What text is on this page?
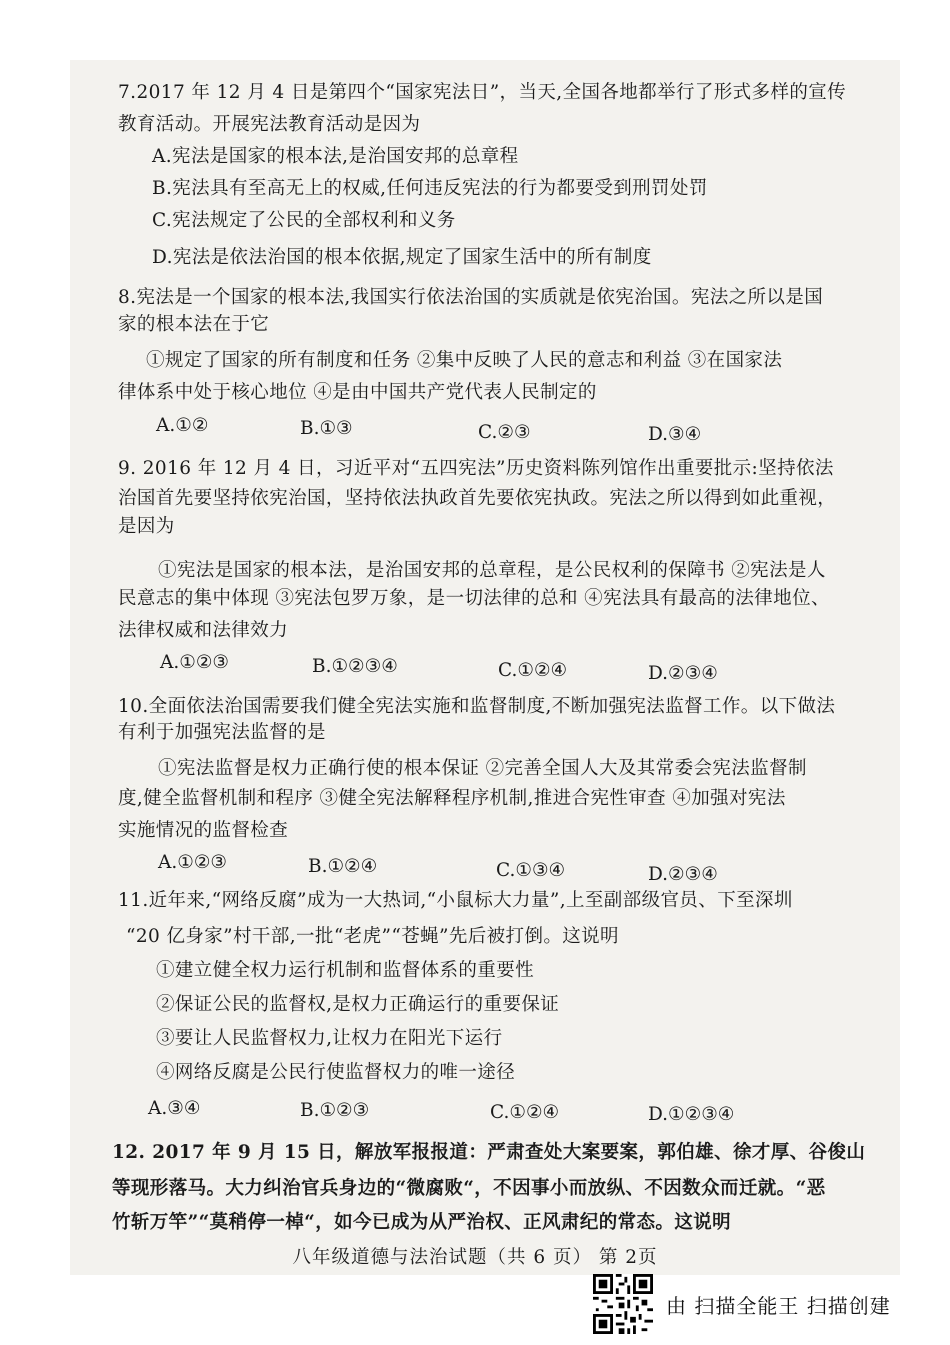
7.2017 年 12 月 4 日是第四个“国家宪法日”，当天,全国各地都举行了形式多样的宣传
教育活动。开展宪法教育活动是因为
A.宪法是国家的根本法,是治国安邦的总章程
B.宪法具有至高无上的权威,任何违反宪法的行为都要受到刑罚处罚
C.宪法规定了公民的全部权利和义务
D.宪法是依法治国的根本依据,规定了国家生活中的所有制度
8.宪法是一个国家的根本法,我国实行依法治国的实质就是依宪治国。宪法之所以是国
家的根本法在于它
①规定了国家的所有制度和任务 ②集中反映了人民的意志和利益 ③在国家法
律体系中处于核心地位 ④是由中国共产党代表人民制定的
A.①②	B.①③	C.②③	D.③④
9. 2016 年 12 月 4 日，习近平对“五四宪法”历史资料陈列馆作出重要批示:坚持依法
治国首先要坚持依宪治国，坚持依法执政首先要依宪执政。宪法之所以得到如此重视，
是因为
①宪法是国家的根本法，是治国安邦的总章程，是公民权利的保障书 ②宪法是人
民意志的集中体现 ③宪法包罗万象，是一切法律的总和 ④宪法具有最高的法律地位、
法律权威和法律效力
A.①②③	B.①②③④	C.①②④	D.②③④
10.全面依法治国需要我们健全宪法实施和监督制度,不断加强宪法监督工作。以下做法
有利于加强宪法监督的是
①宪法监督是权力正确行使的根本保证 ②完善全国人大及其常委会宪法监督制
度,健全监督机制和程序 ③健全宪法解释程序机制,推进合宪性审查 ④加强对宪法
实施情况的监督检查
A.①②③	B.①②④	C.①③④	D.②③④
11.近年来,“网络反腐”成为一大热词,“小鼠标大力量”,上至副部级官员、下至深圳
“20 亿身家”村干部,一批“老虎”“苍蝇”先后被打倒。这说明
①建立健全权力运行机制和监督体系的重要性
②保证公民的监督权,是权力正确运行的重要保证
③要让人民监督权力,让权力在阳光下运行
④网络反腐是公民行使监督权力的唯一途径
A.③④	B.①②③	C.①②④	D.①②③④
12. 2017 年 9 月 15 日，解放军报报道：严肃查处大案要案，郭伯雄、徐才厚、谷俊山
等现形落马。大力纠治官兵身边的“微腐败“，不因事小而放纵、不因数众而迁就。“恶
竹斩万竿”“莫稍停一棹“，如今已成为从严治权、正风肃纪的常态。这说明
八年级道德与法治试题（共 6 页） 第 2页
由 扫描全能王 扫描创建
